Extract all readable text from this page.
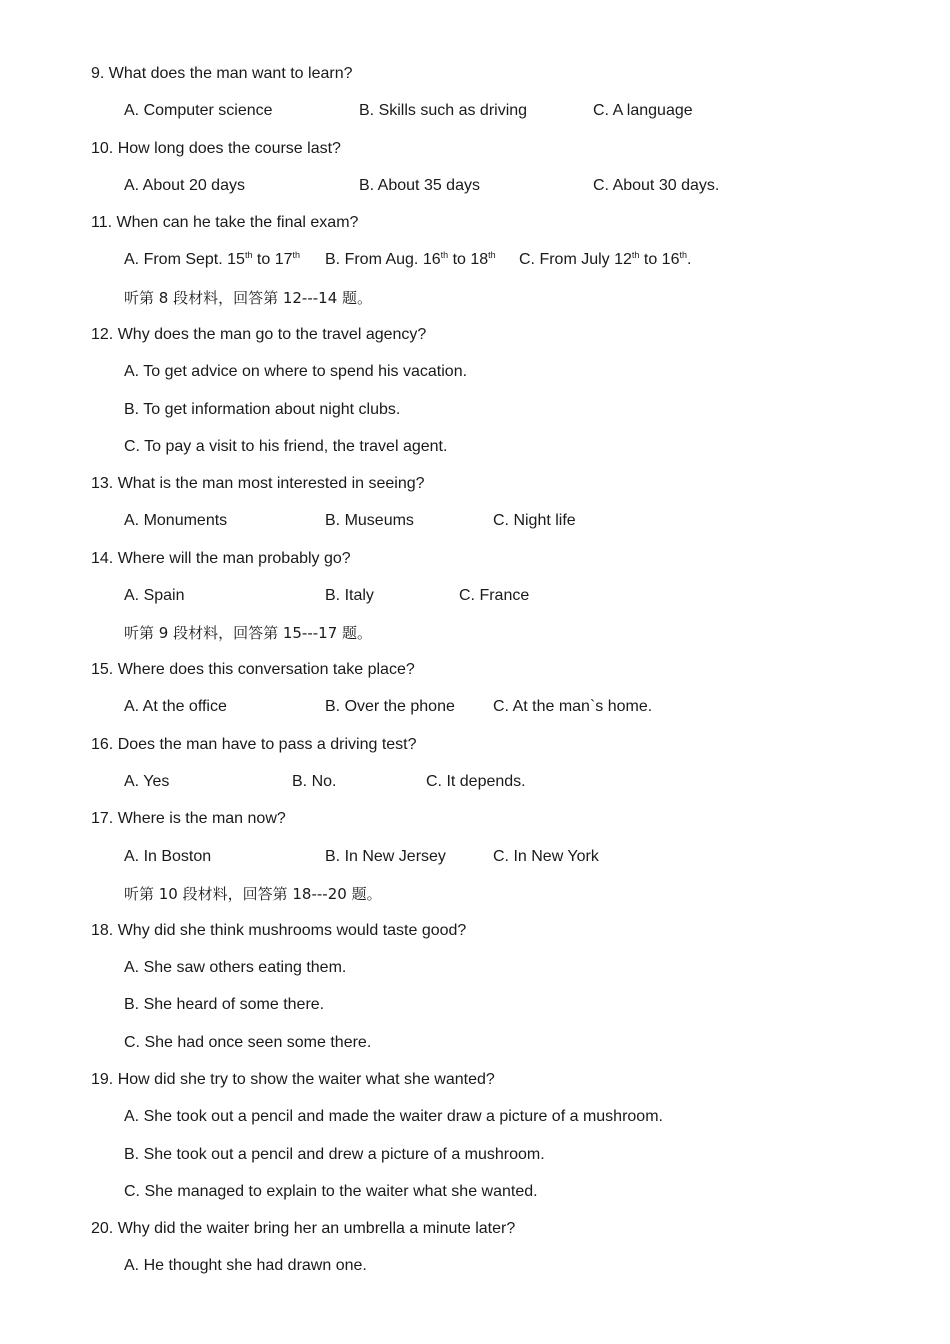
9. What does the man want to learn?
A. Computer science	B. Skills such as driving	C. A language
10. How long does the course last?
A. About 20 days	B. About 35 days	C. About 30 days.
11. When can he take the final exam?
A. From Sept. 15th to 17th B. From Aug. 16th to 18th C. From July 12th to 16th.
听第 8 段材料，回答第 12---14 题。
12. Why does the man go to the travel agency?
A. To get advice on where to spend his vacation.
B. To get information about night clubs.
C. To pay a visit to his friend, the travel agent.
13. What is the man most interested in seeing?
A. Monuments	B. Museums	C. Night life
14. Where will the man probably go?
A. Spain	B. Italy	C. France
听第 9 段材料，回答第 15---17 题。
15. Where does this conversation take place?
A. At the office	B. Over the phone C. At the man`s home.
16. Does the man have to pass a driving test?
A. Yes	B. No.	C. It depends.
17. Where is the man now?
A. In Boston	B. In New Jersey	C. In New York
听第 10 段材料，回答第 18---20 题。
18. Why did she think mushrooms would taste good?
A. She saw others eating them.
B. She heard of some there.
C. She had once seen some there.
19. How did she try to show the waiter what she wanted?
A. She took out a pencil and made the waiter draw a picture of a mushroom.
B. She took out a pencil and drew a picture of a mushroom.
C. She managed to explain to the waiter what she wanted.
20. Why did the waiter bring her an umbrella a minute later?
A. He thought she had drawn one.
